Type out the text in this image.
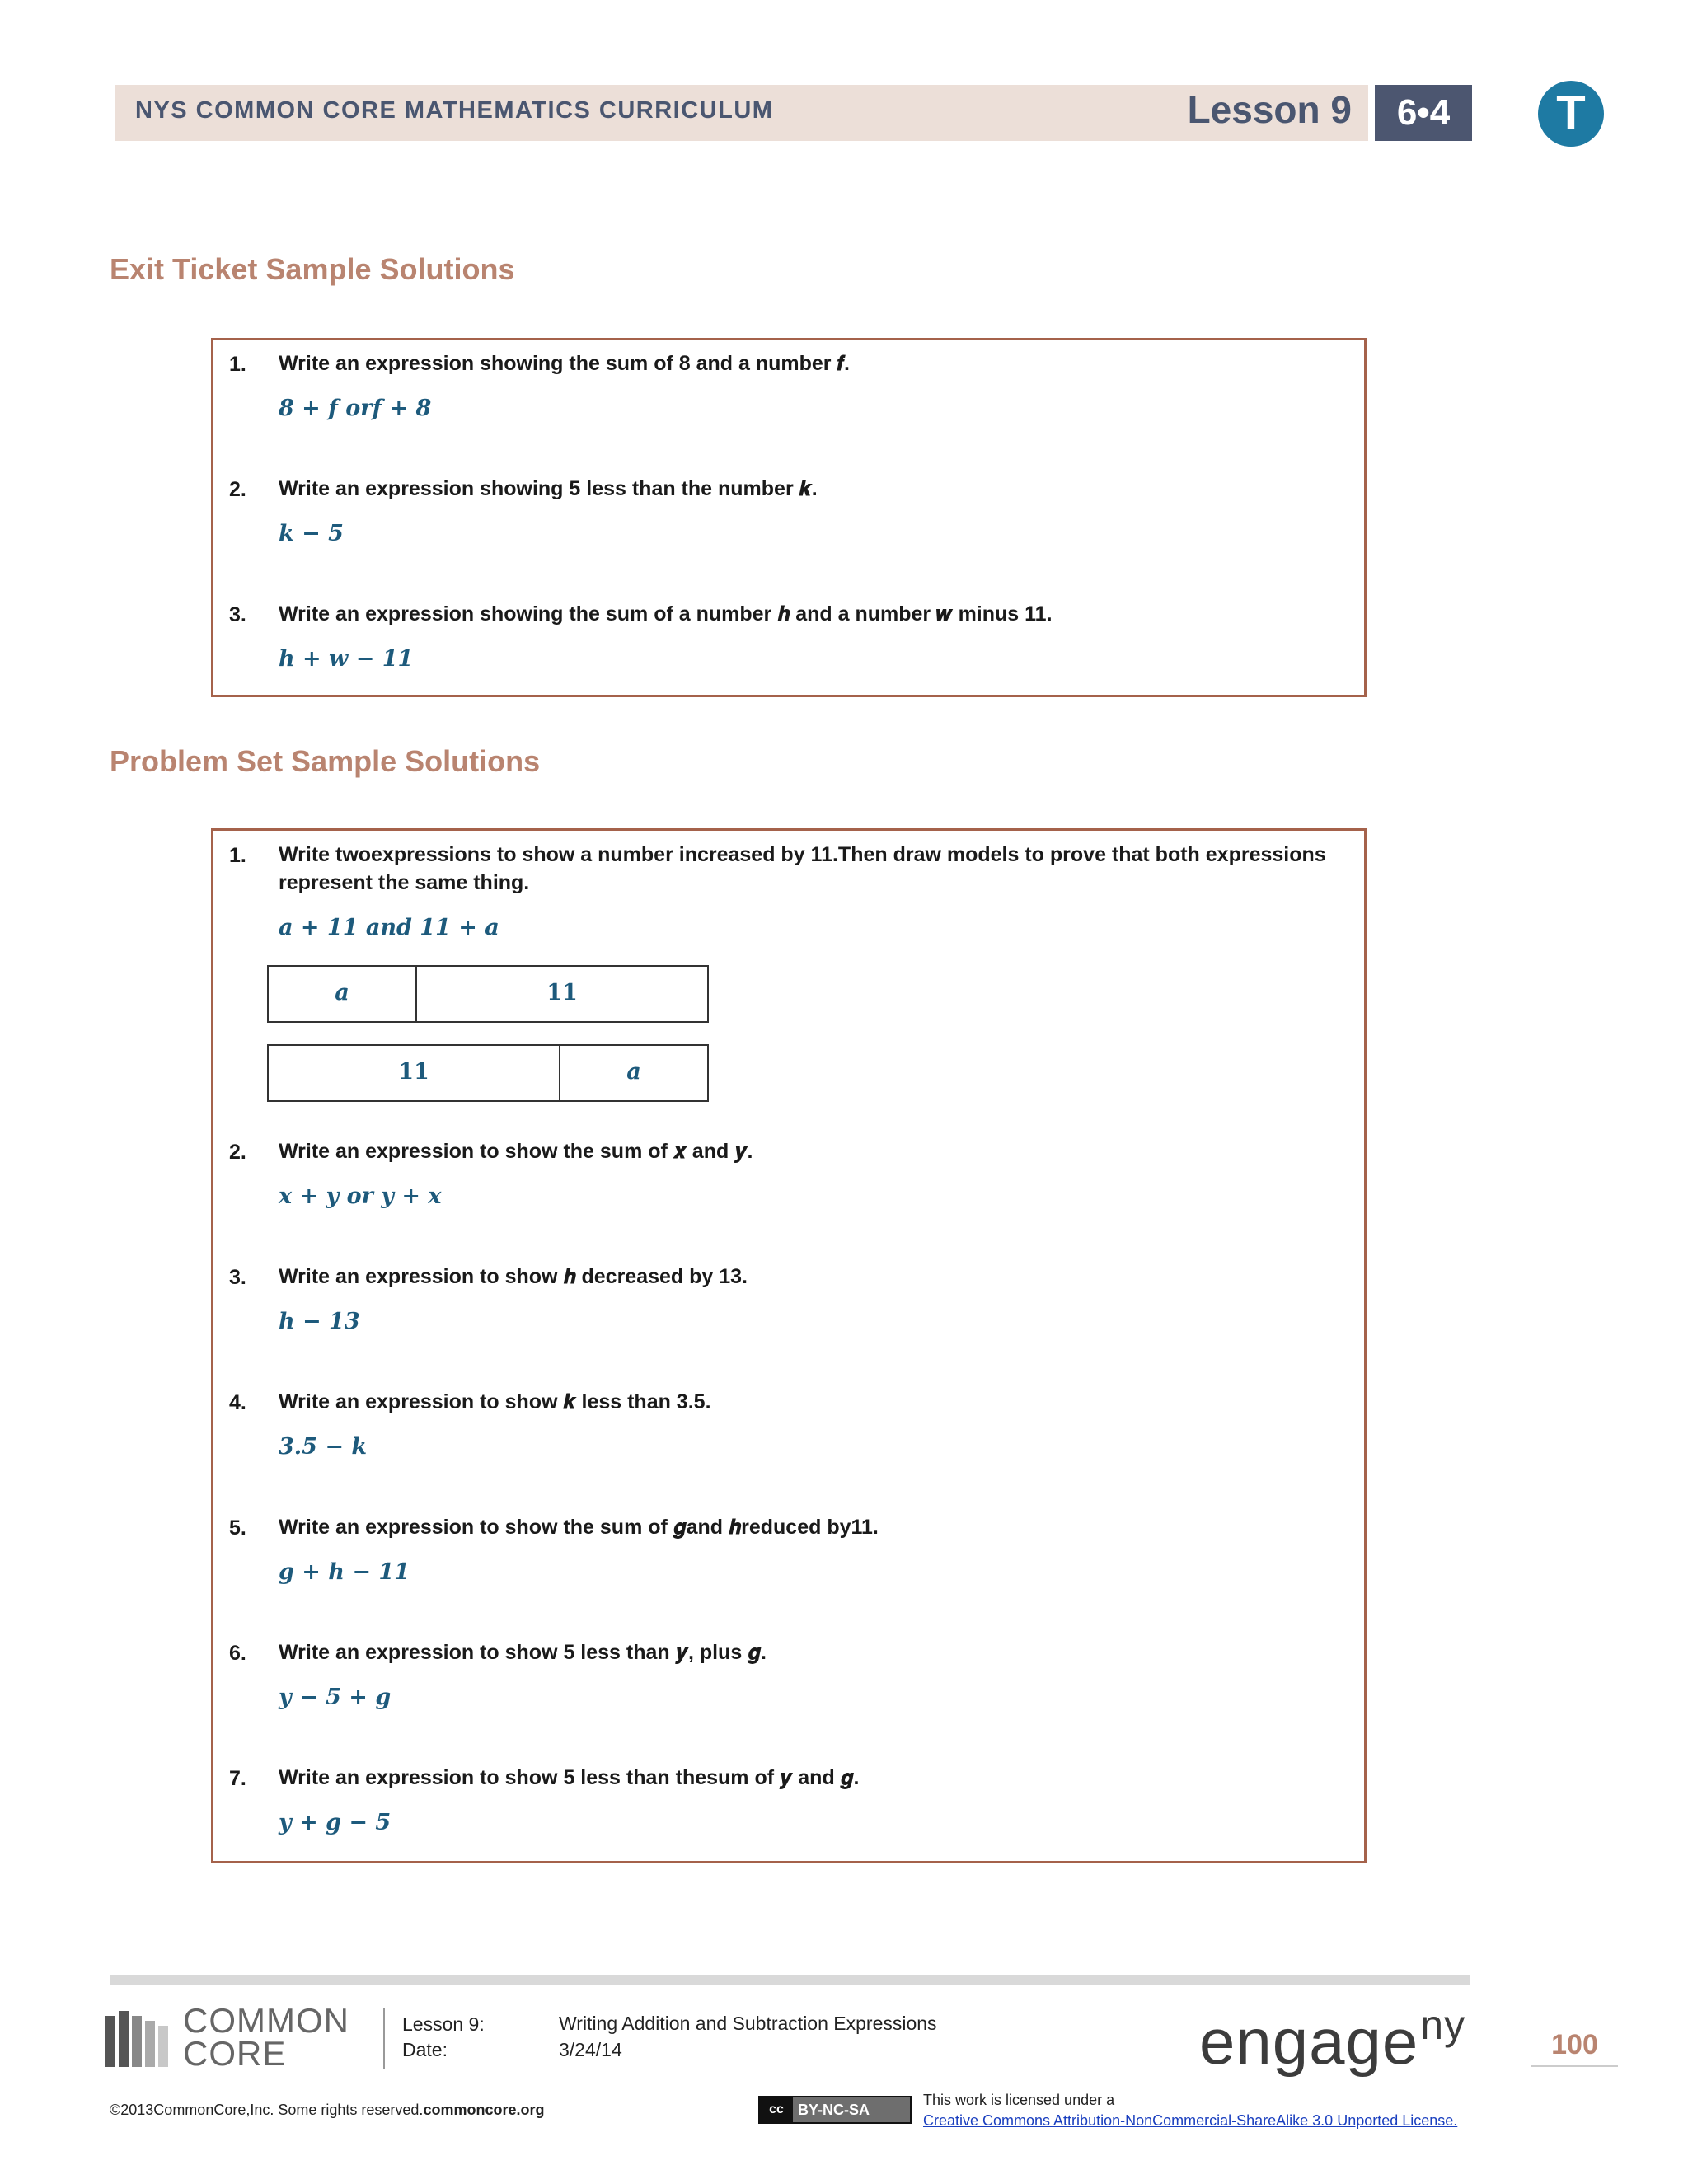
NYS COMMON CORE MATHEMATICS CURRICULUM	Lesson 9	6•4	T
Exit Ticket Sample Solutions
1. Write an expression showing the sum of 8 and a number 𝒇.
8 + 𝒇 or𝒇 + 8
2. Write an expression showing 5 less than the number 𝒌.
𝒌 − 5
3. Write an expression showing the sum of a number 𝒉 and a number 𝒘 minus 11.
𝒉 + 𝒘 − 11
Problem Set Sample Solutions
1. Write twoexpressions to show a number increased by 11.Then draw models to prove that both expressions represent the same thing.
𝒂 + 11 and 11 + 𝒂
𝒂	11
11	𝒂
2. Write an expression to show the sum of 𝒙 and 𝒚.
𝒙 + 𝒚 or 𝒚 + 𝒙
3. Write an expression to show 𝒉 decreased by 13.
𝒉 − 13
4. Write an expression to show 𝒌 less than 3.5.
3.5 − 𝒌
5. Write an expression to show the sum of 𝒈and 𝒉reduced by11.
𝒈 + 𝒉 − 11
6. Write an expression to show 5 less than 𝒚, plus 𝒈.
𝒚 − 5 + 𝒈
7. Write an expression to show 5 less than thesum of 𝒚 and 𝒈.
𝒚 + 𝒈 − 5
COMMON
CORE
Lesson 9:
Date:
Writing Addition and Subtraction Expressions
3/24/14	engage$^{ny}$	100
©2013CommonCore,Inc. Some rights reserved.commoncore.org	cc BY-NC-SA
This work is licensed under a
Creative Commons Attribution-NonCommercial-ShareAlike 3.0 Unported License.
